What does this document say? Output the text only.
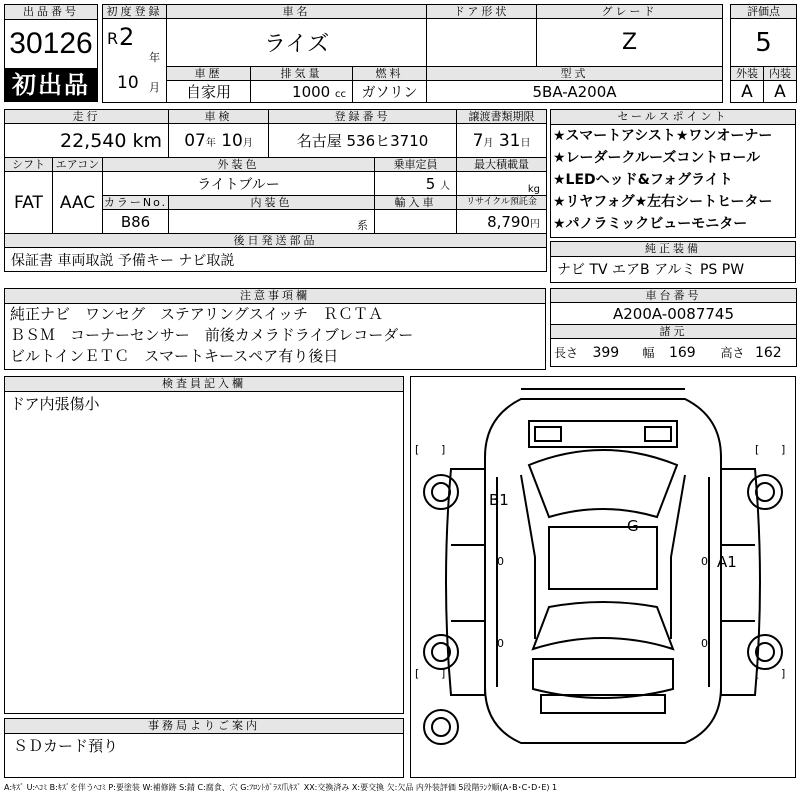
出品番号
30126
初出品
初度登録	車名			ドア形状	グレード

R 2
年
10 月	ライズ				Z
	車歴	排気量	燃料	型式	
	自家用	1000 cc	ガソリン	5BA-A200A	
評価点	
5	
外装	内装
A	A
走行			車検	登録番号		譲渡書類期限
22,540 km			07年 10月	名古屋 536ヒ3710		7月 31日
シフト	エアコン	外装色			乗車定員	最大積載量
FAT	AAC	ライトブルー			5 人	kg
		カラーNo.	内装色		輸入車	リサイクル預託金
		B86	系			8,790円
後日発送部品						
保証書 車両取説 予備キー ナビ取説						
セールスポイント
★スマートアシスト★ワンオーナー
★レーダークルーズコントロール
★LEDヘッド&フォグライト
★リヤフォグ★左右シートヒーター
★パノラミックビューモニター
純正装備
ナビ TV エアB アルミ PS PW
注意事項欄
純正ナビ　ワンセグ　ステアリングスイッチ　ＲＣＴＡ
ＢＳＭ　コーナーセンサー　前後カメラドライブレコーダー
ビルトインＥＴＣ　スマートキースペア有り後日
車台番号
A200A-0087745
諸元
長さ 399	幅 169	高さ 162
検査員記入欄
ドア内張傷小
事務局よりご案内
ＳＤカード預り
[ ]	[ ]
[ ]	[ ]
0	0
0	0
B1
G
A1
A:ｷｽﾞ U:ﾍｺﾐ B:ｷｽﾞを伴うﾍｺﾐ P:要塗装 W:補修跡 S:錆 C:腐食、穴 G:ﾌﾛﾝﾄｶﾞﾗｽ爪ｷｽﾞ XX:交換済み X:要交換 欠:欠品 内外装評価 5段階ﾗﾝｸ順(A･B･C･D･E) 1
